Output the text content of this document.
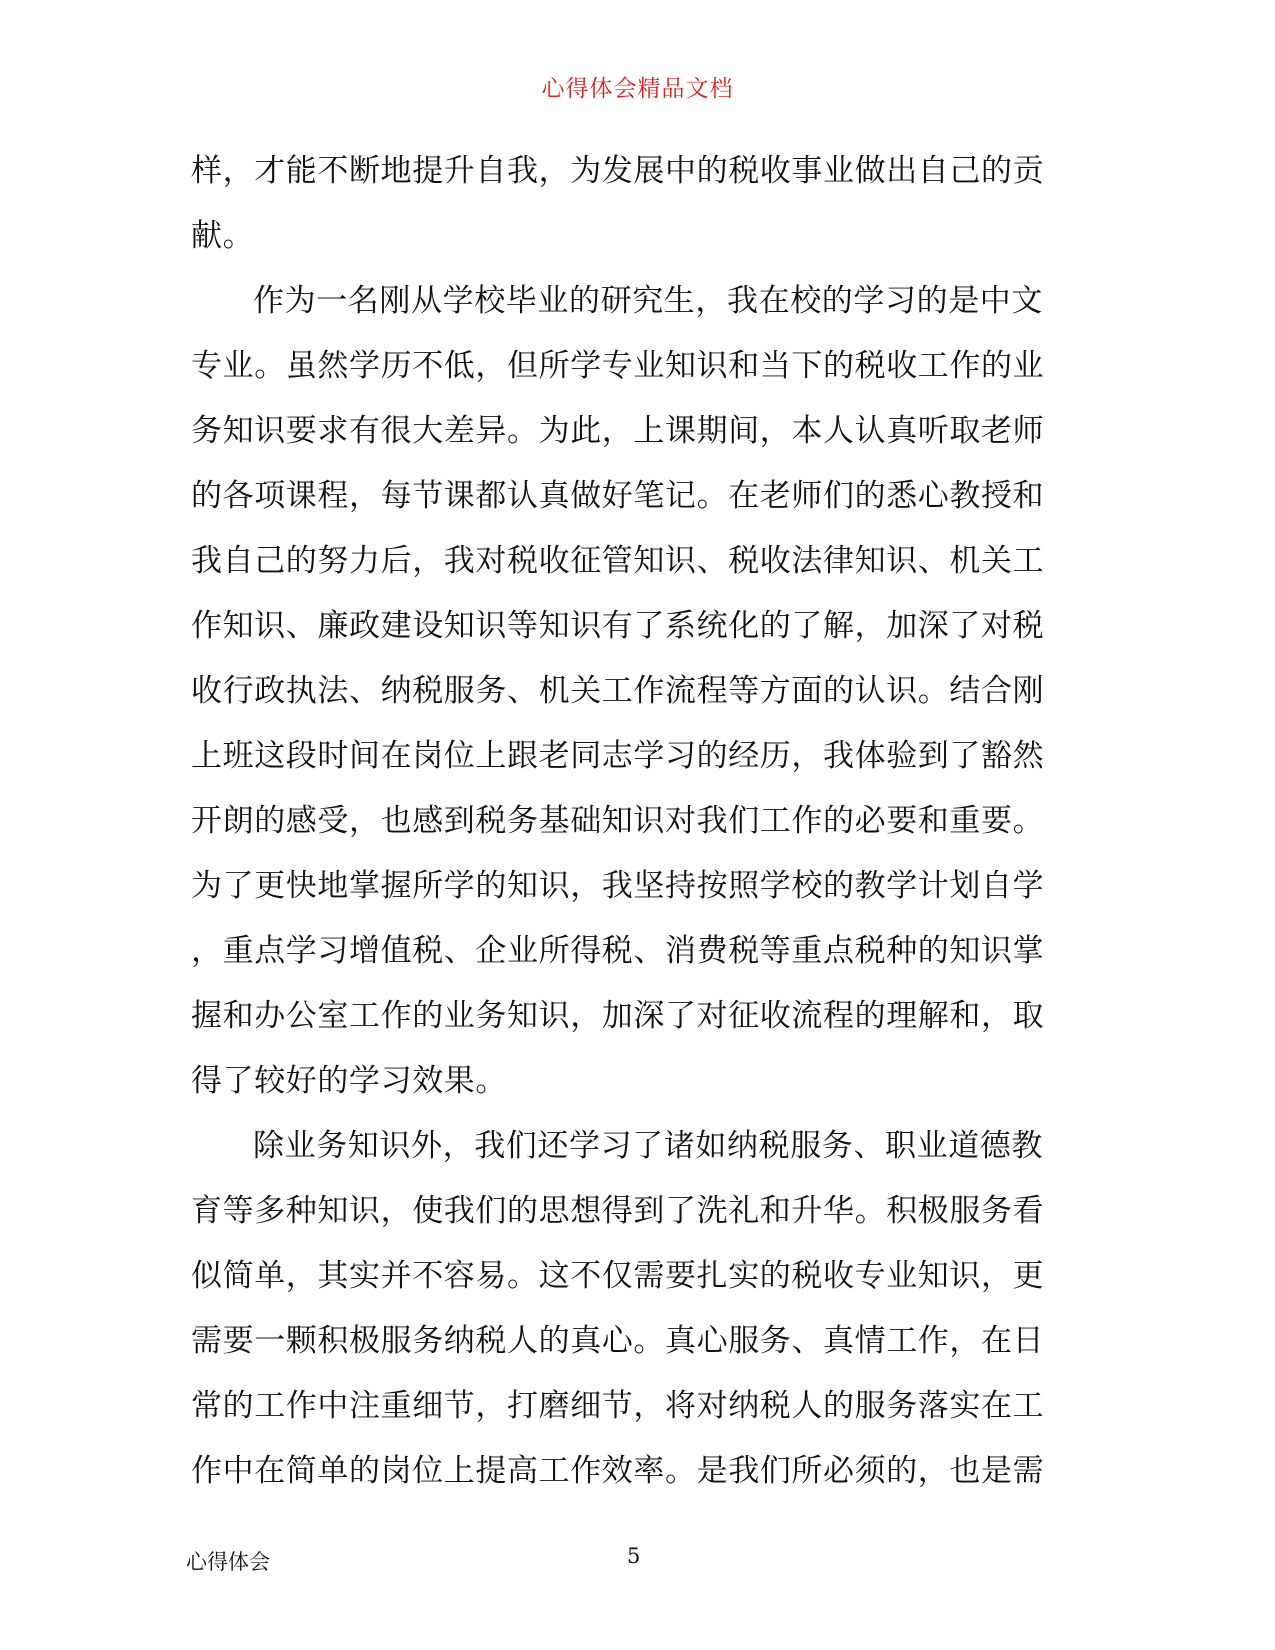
心得体会精品文档
样，才能不断地提升自我，为发展中的税收事业做出自己的贡
献。
作为一名刚从学校毕业的研究生，我在校的学习的是中文
专业。虽然学历不低，但所学专业知识和当下的税收工作的业
务知识要求有很大差异。为此，上课期间，本人认真听取老师
的各项课程，每节课都认真做好笔记。在老师们的悉心教授和
我自己的努力后，我对税收征管知识、税收法律知识、机关工
作知识、廉政建设知识等知识有了系统化的了解，加深了对税
收行政执法、纳税服务、机关工作流程等方面的认识。结合刚
上班这段时间在岗位上跟老同志学习的经历，我体验到了豁然
开朗的感受，也感到税务基础知识对我们工作的必要和重要。
为了更快地掌握所学的知识，我坚持按照学校的教学计划自学
，重点学习增值税、企业所得税、消费税等重点税种的知识掌
握和办公室工作的业务知识，加深了对征收流程的理解和，取
得了较好的学习效果。
除业务知识外，我们还学习了诸如纳税服务、职业道德教
育等多种知识，使我们的思想得到了洗礼和升华。积极服务看
似简单，其实并不容易。这不仅需要扎实的税收专业知识，更
需要一颗积极服务纳税人的真心。真心服务、真情工作，在日
常的工作中注重细节，打磨细节，将对纳税人的服务落实在工
作中在简单的岗位上提高工作效率。是我们所必须的，也是需
心得体会	5
